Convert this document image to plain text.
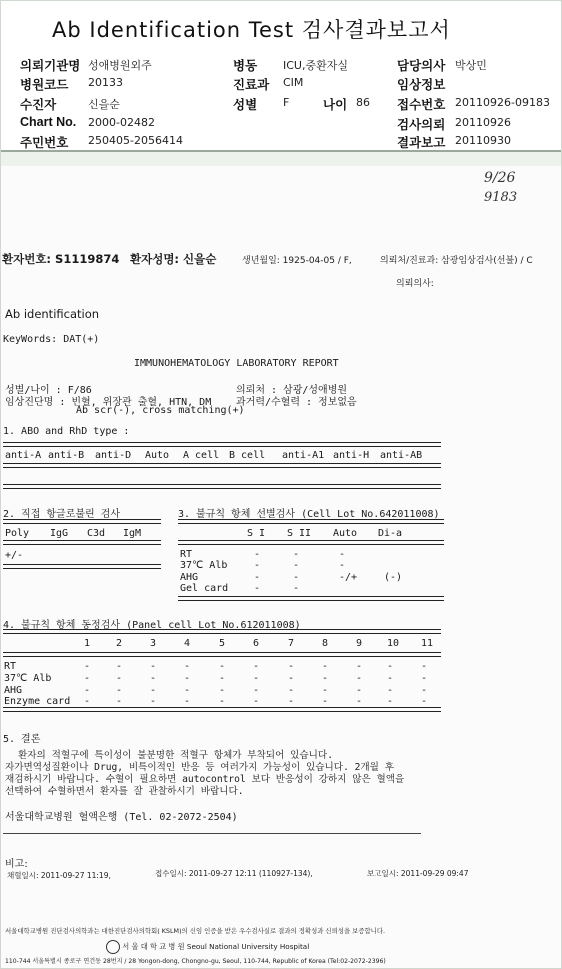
Ab Identification Test 검사결과보고서
의뢰기관명 성애병원외주	병동 ICU,중환자실	담당의사 박상민
병원코드 20133	진료과 CIM	임상정보
수진자	신을순	성별 F	접수번호 20110926-09183
Chart No. 2000-02482	검사의뢰 20110926
주민번호 250405-2056414	결과보고 20110930
나이 86
9/26
9183
환자번호: S1119874 환자성명: 신을순	생년월일: 1925-04-05 / F,	의뢰처/진료과: 삼광임상검사(선불) / C
의뢰의사:
Ab identification
KeyWords: DAT(+)
IMMUNOHEMATOLOGY LABORATORY REPORT
성별/나이 : F/86	의뢰처 : 삼광/성애병원
임상진단명 : 빈혈, 위장관 출혈, HTN, DM 과거력/수혈력 : 정보없음
Ab scr(-), cross matching(+)
1. ABO and RhD type :
anti-A anti-B anti-D Auto A cell B cell anti-A1 anti-H anti-AB
2. 직접 항글로불린 검사
Poly IgG C3d IgM
+/-
3. 불규칙 항체 선별검사 (Cell Lot No.642011008)
S I S II Auto Di-a
RT	-	-	-
37℃ Alb	-	-	-
AHG	-	-	-/+	(-)
Gel card	-	-
4. 불규칙 항체 동정검사 (Panel cell Lot No.612011008)
1	2	3	4	5	6	7	8	9 10 11
RT	-	-	-	-	-	-	-	-	- -	-
37℃ Alb	-	-	-	-	-	-	-	-	- -	-
AHG	-	-	-	-	-	-	-	-	- -	-
Enzyme card -	-	-	-	-	-	-	-	- -	-
5. 결론
환자의 적혈구에 특이성이 불분명한 적혈구 항체가 부착되어 있습니다.
자가면역성질환이나 Drug, 비특이적인 반응 등 여러가지 가능성이 있습니다. 2개월 후
재검하시기 바랍니다. 수혈이 필요하면 autocontrol 보다 반응성이 강하지 않은 혈액을
선택하여 수혈하면서 환자를 잘 관찰하시기 바랍니다.
서울대학교병원 혈액은행 (Tel. 02-2072-2504)
비고:
채혈일시: 2011-09-27 11:19,	접수일시: 2011-09-27 12:11 (110927-134),	보고일시: 2011-09-29 09:47
서울대학교병원 진단검사의학과는 대한진단검사의학회( KSLM)의 신임 인증을 받은 우수검사실로 결과의 정확성과 신뢰성을 보증합니다.
서 울 대 학 교 병 원 Seoul National University Hospital
110-744 서울특별시 종로구 연건동 28번지 / 28 Yongon-dong, Chongno-gu, Seoul, 110-744, Republic of Korea (Tel:02-2072-2396)
